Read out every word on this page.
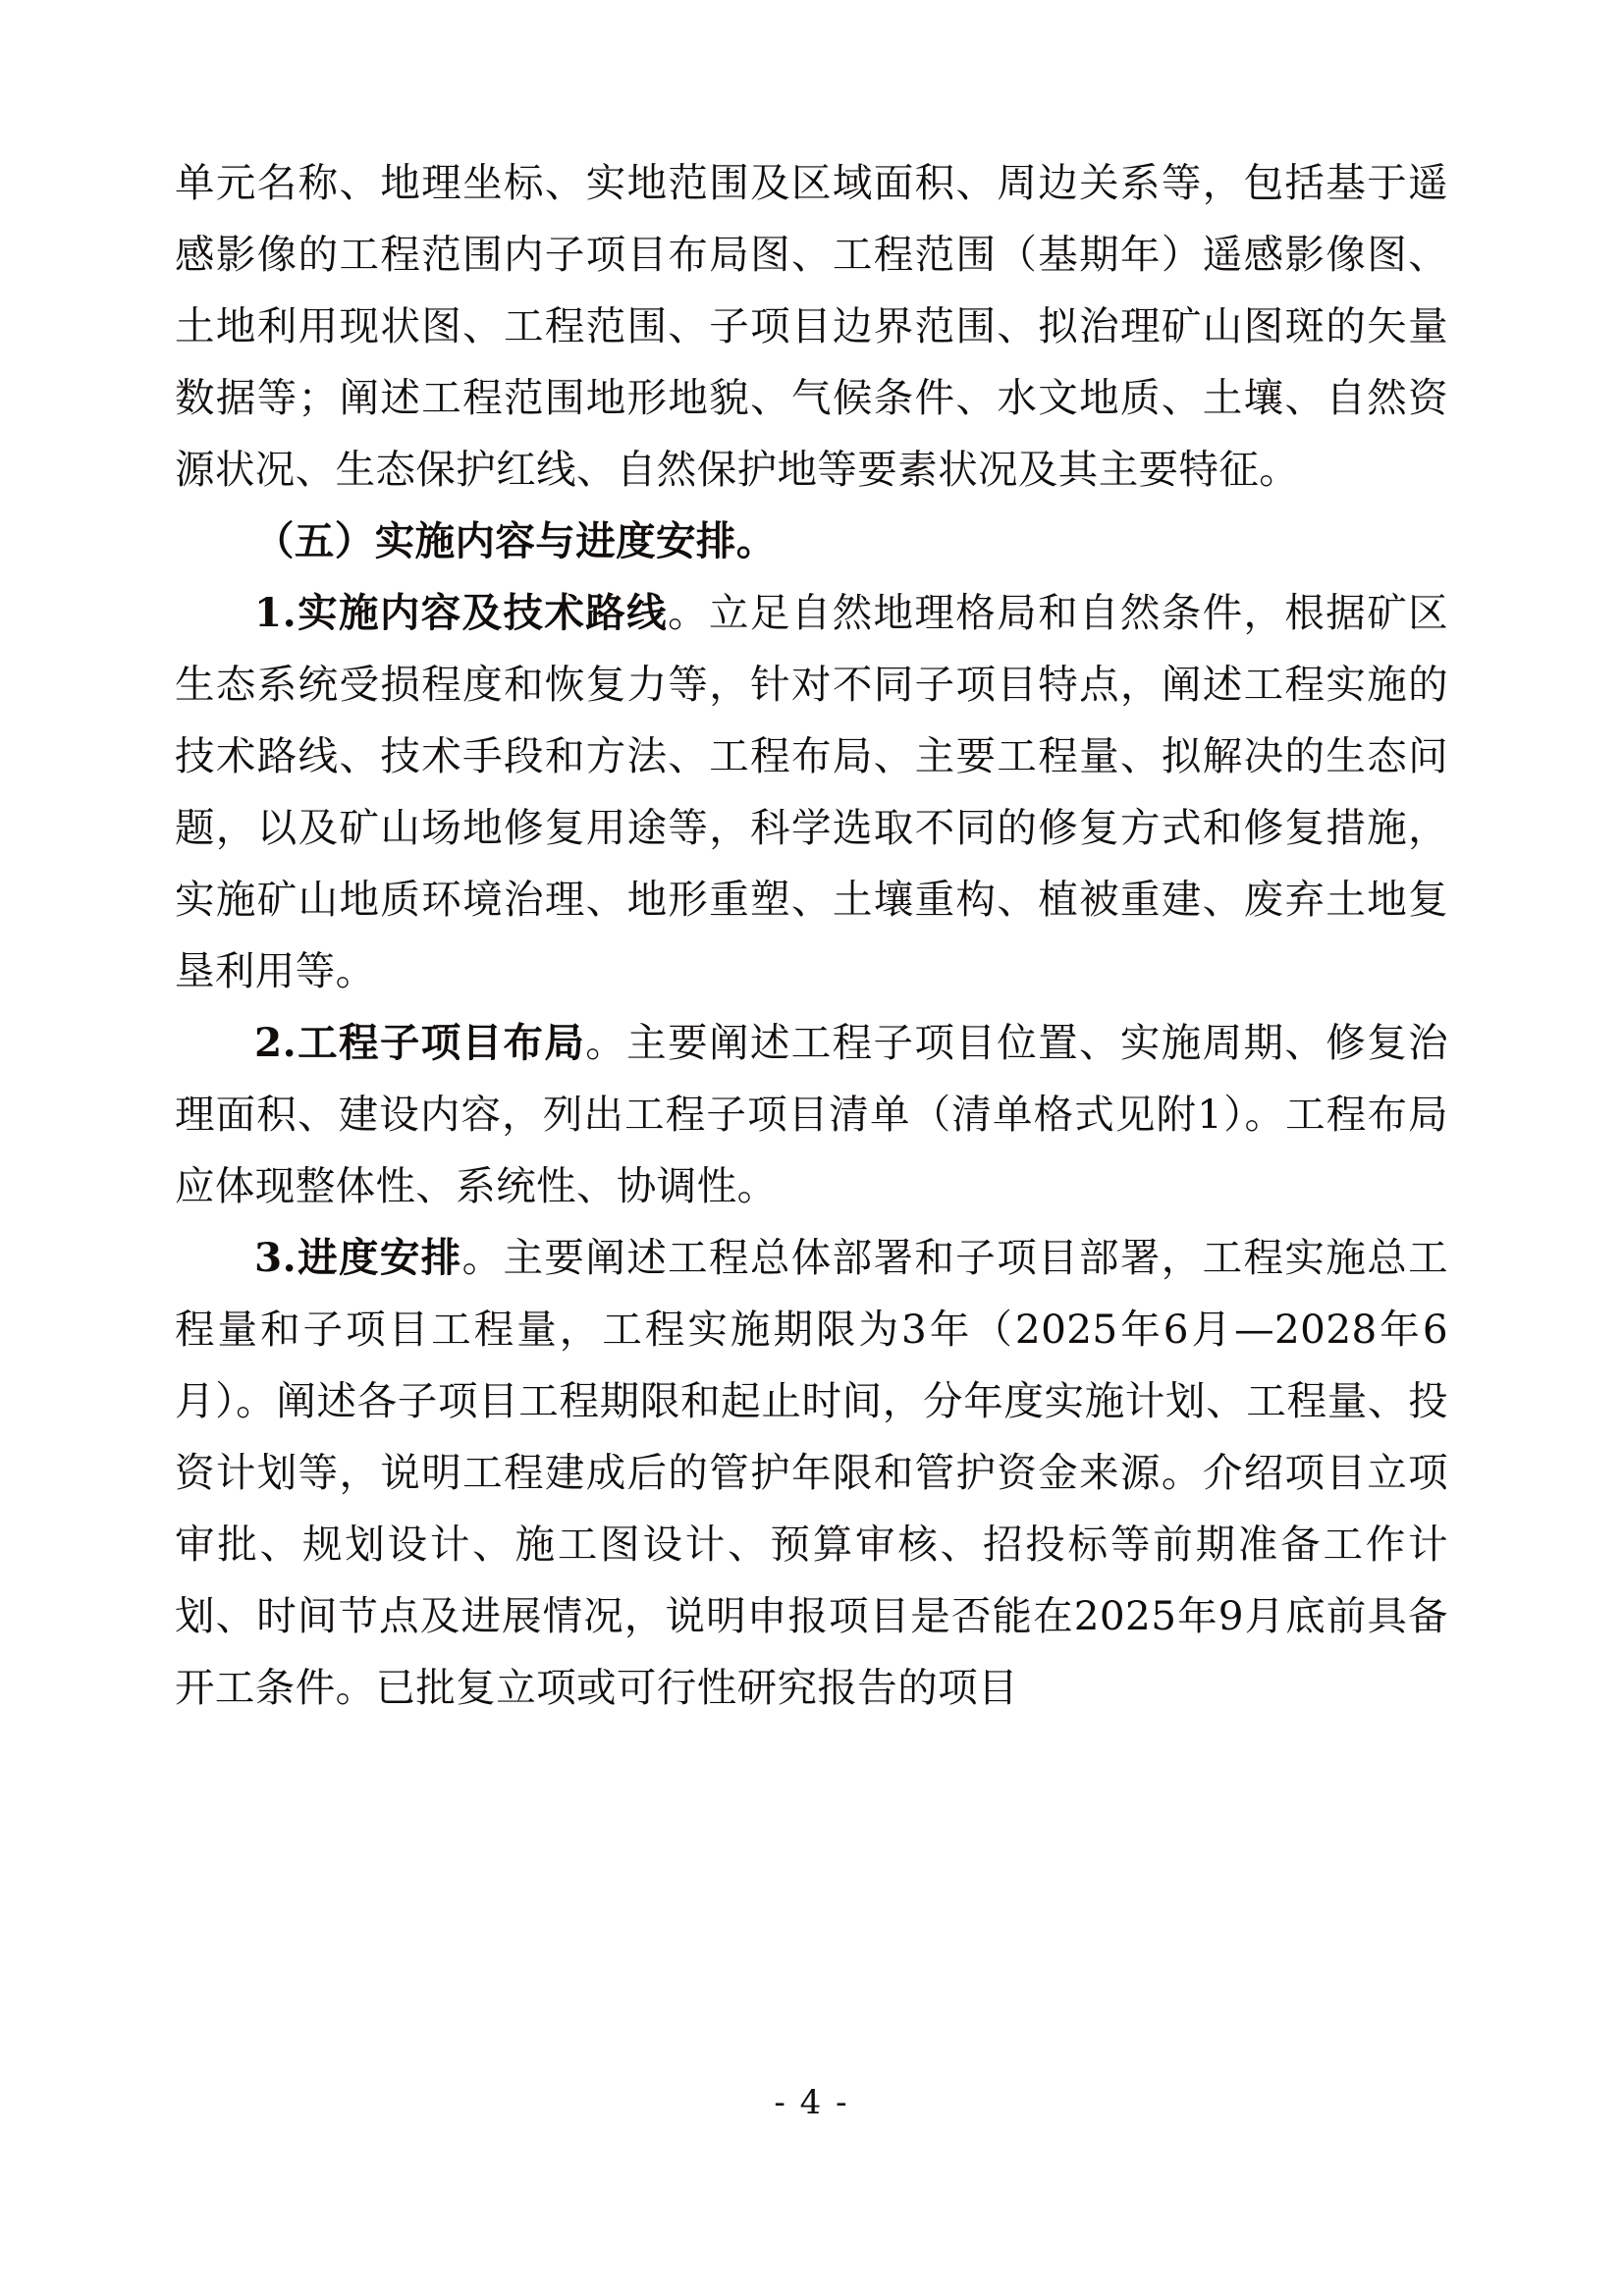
单元名称、地理坐标、实地范围及区域面积、周边关系等，包括基于遥感影像的工程范围内子项目布局图、工程范围（基期年）遥感影像图、土地利用现状图、工程范围、子项目边界范围、拟治理矿山图斑的矢量数据等；阐述工程范围地形地貌、气候条件、水文地质、土壤、自然资源状况、生态保护红线、自然保护地等要素状况及其主要特征。

（五）实施内容与进度安排。

1.实施内容及技术路线。立足自然地理格局和自然条件，根据矿区生态系统受损程度和恢复力等，针对不同子项目特点，阐述工程实施的技术路线、技术手段和方法、工程布局、主要工程量、拟解决的生态问题，以及矿山场地修复用途等，科学选取不同的修复方式和修复措施，实施矿山地质环境治理、地形重塑、土壤重构、植被重建、废弃土地复垦利用等。

2.工程子项目布局。主要阐述工程子项目位置、实施周期、修复治理面积、建设内容，列出工程子项目清单（清单格式见附1）。工程布局应体现整体性、系统性、协调性。

3.进度安排。主要阐述工程总体部署和子项目部署，工程实施总工程量和子项目工程量，工程实施期限为3年（2025年6月—2028年6月）。阐述各子项目工程期限和起止时间，分年度实施计划、工程量、投资计划等，说明工程建成后的管护年限和管护资金来源。介绍项目立项审批、规划设计、施工图设计、预算审核、招投标等前期准备工作计划、时间节点及进展情况，说明申报项目是否能在2025年9月底前具备开工条件。已批复立项或可行性研究报告的项目

- 4 -
